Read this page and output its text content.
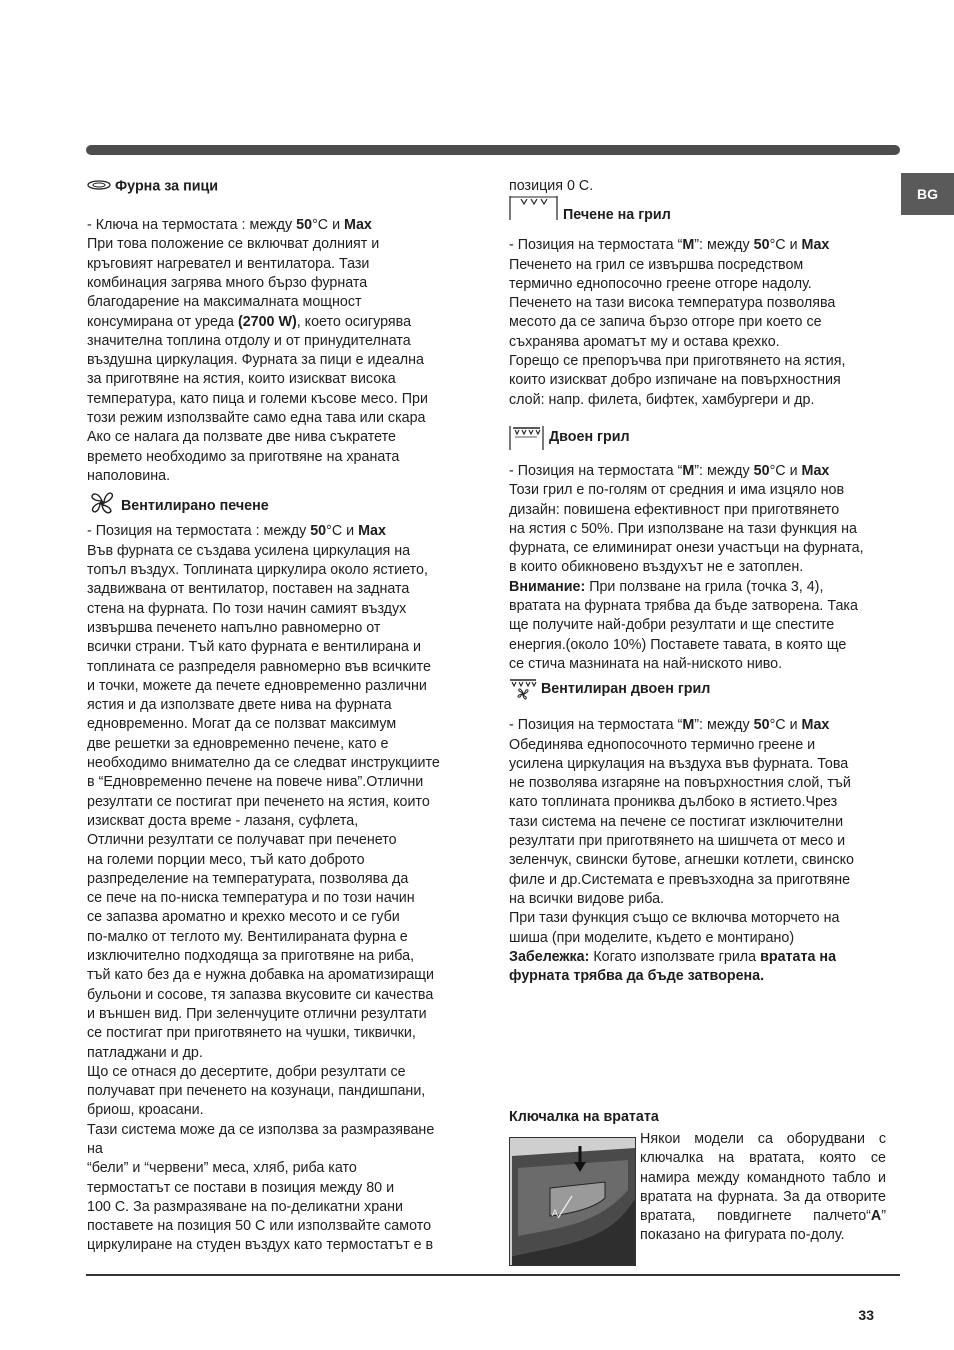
BG

Фурна за пици

- Ключа на термостата : между 50°C и Max

При това положение се включват долният и

кръговият нагревател и вентилатора. Тази

комбинация загрява много бързо фурната

благодарение на максималната мощност

консумирана от уреда (2700 W), което осигурява

значителна топлина отдолу и от принудителната

въздушна циркулация. Фурната за пици е идеална

за приготвяне на ястия, които изискват висока

температура, като пица и големи късове месо. При

този режим използвайте само една тава или скара

Ако се налага да ползвате две нива съкратете

времето необходимо за приготвяне на храната

наполовина.

Вентилирано печене

- Позиция на термостата : между 50°C и Max

Във фурната се създава усилена циркулация на

топъл въздух. Топлината циркулира около ястието,

задвижвана от вентилатор, поставен на задната

стена на фурната. По този начин самият въздух

извършва печенето напълно равномерно от

всички страни. Тъй като фурната е вентилирана и

топлината се разпределя равномерно във всичките

и точки, можете да печете едновременно различни

ястия и да използвате двете нива на фурната

едновременно. Могат да се ползват максимум

две решетки за едновременно печене, като е

необходимо внимателно да се следват инструкциите

в “Едновременно печене на повече нива”.Отлични

резултати се постигат при печенето на ястия, които

изискват доста време - лазаня, суфлета,

Отлични резултати се получават при печенето

на големи порции месо, тъй като доброто

разпределение на температурата, позволява да

се пече на по-ниска температура и по този начин

се запазва ароматно и крехко месото и се губи

по-малко от теглото му. Вентилираната фурна е

изключително подходяща за приготвяне на риба,

тъй като без да е нужна добавка на ароматизиращи

бульони и сосове, тя запазва вкусовите си качества

и външен вид. При зеленчуците отлични резултати

се постигат при приготвянето на чушки, тиквички,

патладжани и др.

Що се отнася до десертите, добри резултати се

получават при печенето на козунаци, пандишпани,

бриош, кроасани.

Тази система може да се използва за размразяване

на

“бели” и “червени” меса, хляб, риба като

термостатът се постави в позиция между 80 и

100 C. За размразяване на по-деликатни храни

поставете на позиция 50 C или използвайте самото

циркулиране на студен въздух като термостатът е в

позиция 0 C.

Печене на грил

- Позиция на термостата “M”: между 50°C и Max

Печенето на грил се извършва посредством

термично еднопосочно греене отгоре надолу.

Печенето на тази висока температура позволява

месото да се запича бързо отгоре при което се

съхранява ароматът му и остава крехко.

Горещо се препоръчва при приготвянето на ястия,

които изискват добро изпичане на повърхностния

слой: напр. филета, бифтек, хамбургери и др.

Двоен грил

- Позиция на термостата “M”: между 50°C и Max

Този грил е по-голям от средния и има изцяло нов

дизайн: повишена ефективност при приготвянето

на ястия с 50%. При използване на тази функция на

фурната, се елиминират онези участъци на фурната,

в които обикновено въздухът не е затоплен.

Внимание: При ползване на грила (точка 3, 4),

вратата на фурната трябва да бъде затворена. Така

ще получите най-добри резултати и ще спестите

енергия.(около 10%) Поставете тавата, в която ще

се стича мазнината на най-ниското ниво.

Вентилиран двоен грил

- Позиция на термостата “M”: между 50°C и Max

Обединява еднопосочното термично греене и

усилена циркулация на въздуха във фурната. Това

не позволява изгаряне на повърхностния слой, тъй

като топлината прониква дълбоко в ястието.Чрез

тази система на печене се постигат изключителни

резултати при приготвянето на шишчета от месо и

зеленчук, свински бутове, агнешки котлети, свинско

филе и др.Системата е превъзходна за приготвяне

на всички видове риба.

При тази функция също се включва моторчето на

шиша (при моделите, където е монтирано)

Забележка: Когато използвате грила вратата на

фурната трябва да бъде затворена.

Ключалка на вратата
A
Някои модели са оборудвани с ключалка на вратата, която се намира между командното табло и вратата на фурната. За да отворите вратата, повдигнете палчето“A” показано на фигурата по-долу.
33
